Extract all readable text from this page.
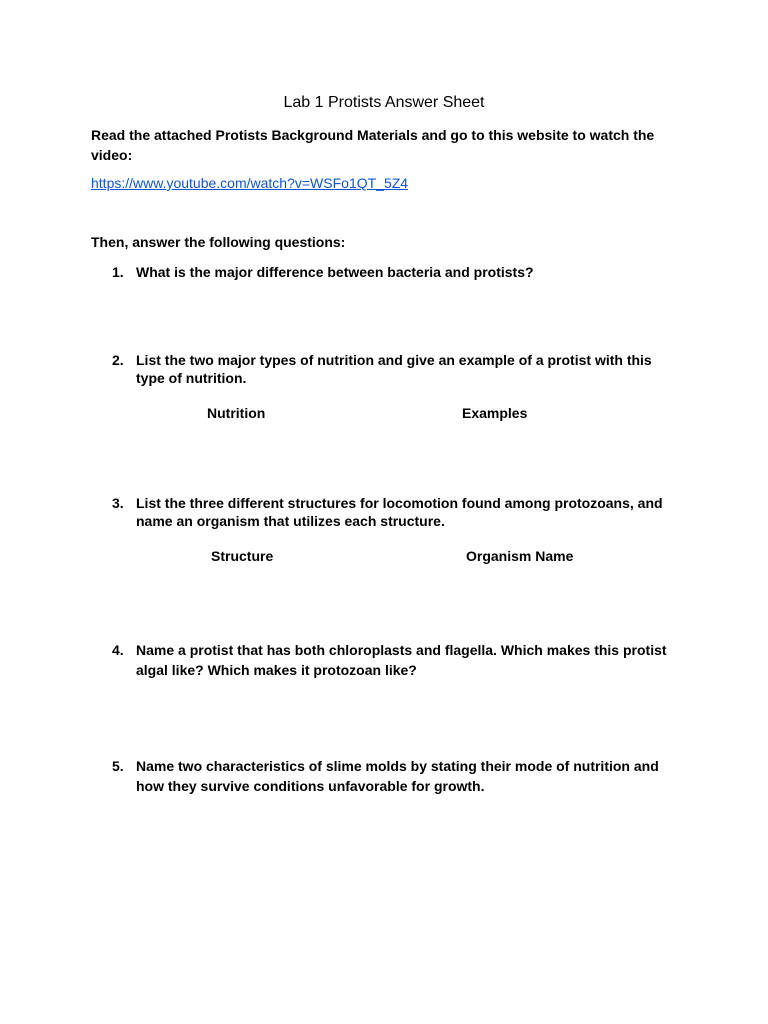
Lab 1 Protists Answer Sheet
Read the attached Protists Background Materials and go to this website to watch the video:
https://www.youtube.com/watch?v=WSFo1QT_5Z4
Then, answer the following questions:
1. What is the major difference between bacteria and protists?
2. List the two major types of nutrition and give an example of a protist with this type of nutrition.
Nutrition	Examples
3. List the three different structures for locomotion found among protozoans, and name an organism that utilizes each structure.
Structure	Organism Name
4. Name a protist that has both chloroplasts and flagella. Which makes this protist algal like? Which makes it protozoan like?
5. Name two characteristics of slime molds by stating their mode of nutrition and how they survive conditions unfavorable for growth.
